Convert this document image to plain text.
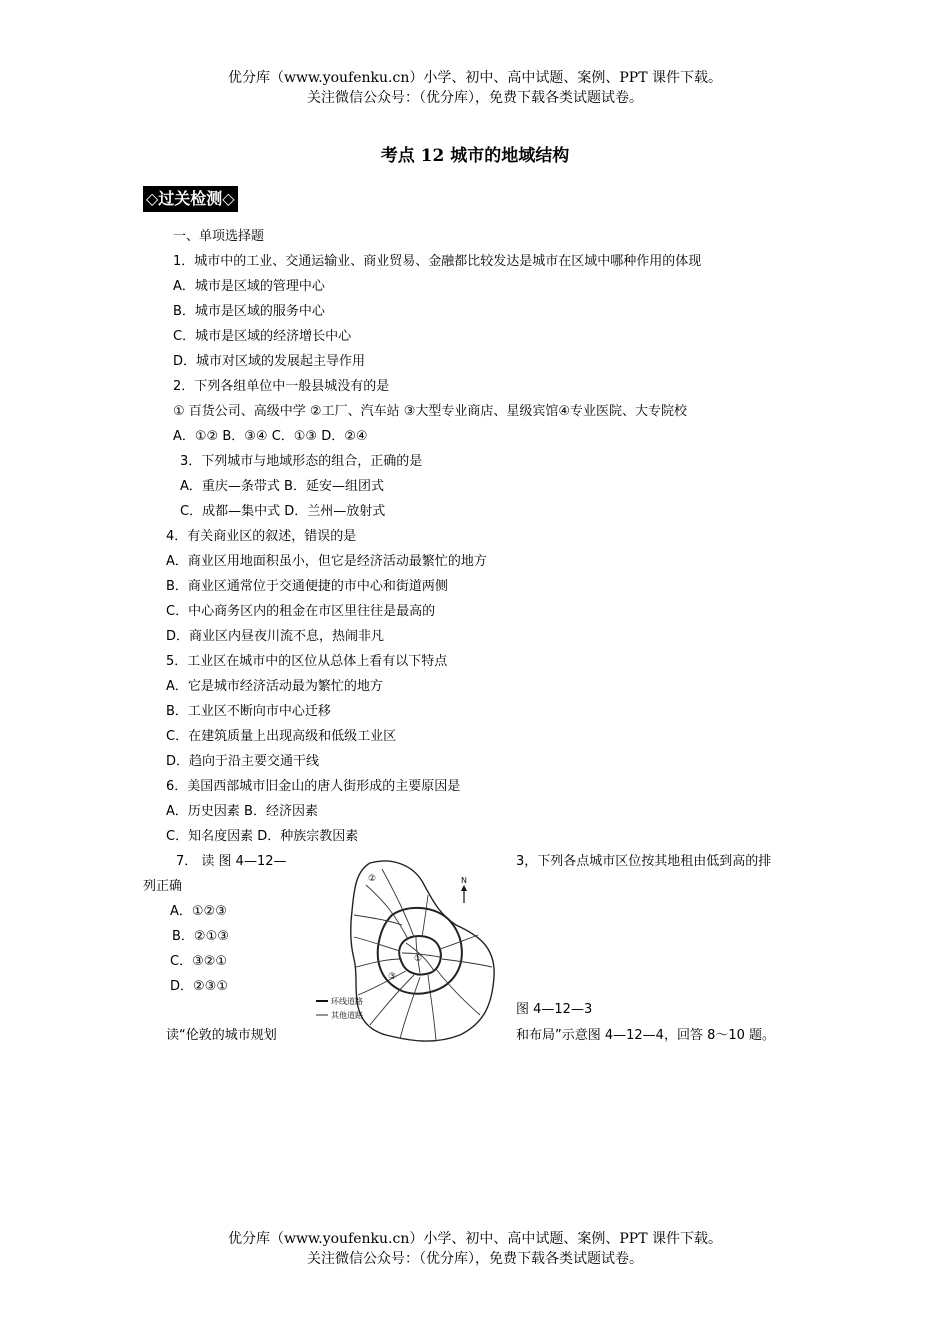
优分库（www.youfenku.cn）小学、初中、高中试题、案例、PPT 课件下载。
关注微信公众号：（优分库），免费下载各类试题试卷。
考点 12 城市的地域结构
◇过关检测◇
一、单项选择题
1．城市中的工业、交通运输业、商业贸易、金融都比较发达是城市在区域中哪种作用的体现
A．城市是区域的管理中心
B．城市是区域的服务中心
C．城市是区域的经济增长中心
D．城市对区域的发展起主导作用
2．下列各组单位中一般县城没有的是
① 百货公司、高级中学 ②工厂、汽车站 ③大型专业商店、星级宾馆④专业医院、大专院校
A．①② B．③④ C．①③ D．②④
3．下列城市与地域形态的组合，正确的是
A．重庆—条带式 B．延安—组团式
C．成都—集中式 D．兰州—放射式
4．有关商业区的叙述，错误的是
A．商业区用地面积虽小，但它是经济活动最繁忙的地方
B．商业区通常位于交通便捷的市中心和街道两侧
C．中心商务区内的租金在市区里往往是最高的
D．商业区内昼夜川流不息，热闹非凡
5．工业区在城市中的区位从总体上看有以下特点
A．它是城市经济活动最为繁忙的地方
B．工业区不断向市中心迁移
C．在建筑质量上出现高级和低级工业区
D．趋向于沿主要交通干线
6．美国西部城市旧金山的唐人街形成的主要原因是
A．历史因素 B．经济因素
C．知名度因素 D．种族宗教因素
7． 读 图 4—12—	3，下列各点城市区位按其地租由低到高的排
列正确
A．①②③
B．②①③
C．③②①
D．②③①
图 4—12—3
读“伦敦的城市规划	和布局”示意图 4—12—4，回答 8～10 题。
②
③
①
N
环线道路
其他道路
优分库（www.youfenku.cn）小学、初中、高中试题、案例、PPT 课件下载。
关注微信公众号：（优分库），免费下载各类试题试卷。
